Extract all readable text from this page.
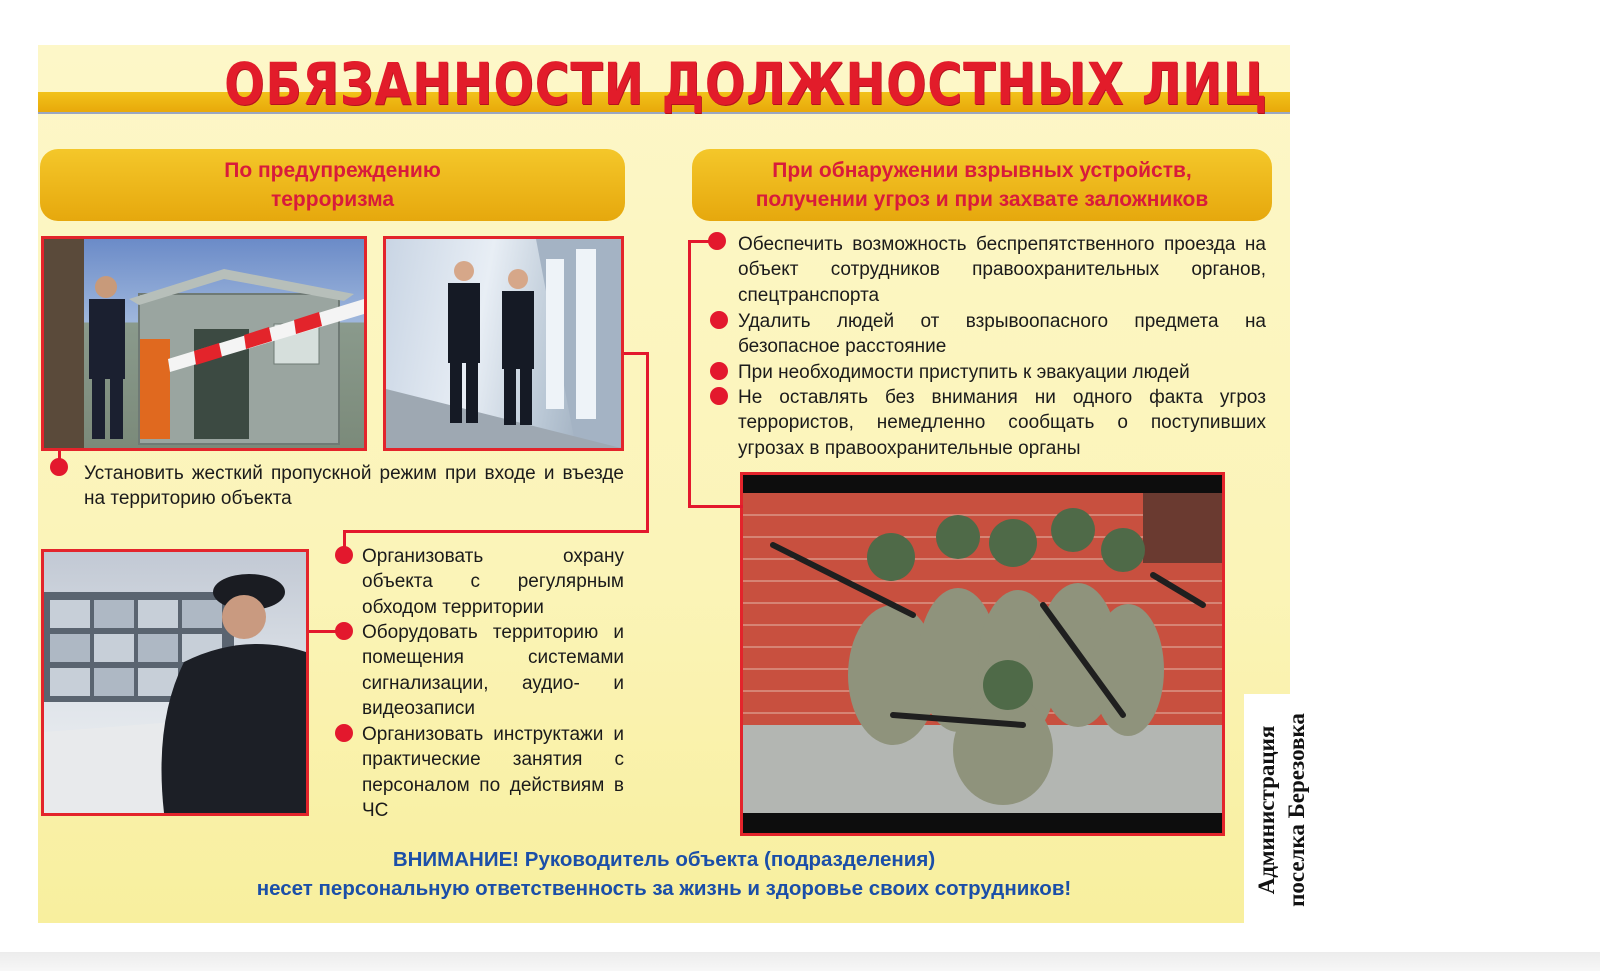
ОБЯЗАННОСТИ ДОЛЖНОСТНЫХ ЛИЦ
По предупреждению
терроризма
При обнаружении взрывных устройств,
получении угроз и при захвате заложников
Установить жесткий пропускной режим при входе и въезде на территорию объекта
Организовать охрану объекта с регулярным обходом территории
Оборудовать территорию и помещения системами сигнализации, аудио- и видеозаписи
Организовать инструктажи и практические занятия с персоналом по действиям в ЧС
Обеспечить возможность беспрепятственного проезда на объект сотрудников правоохранительных органов, спецтранспорта
Удалить людей от взрывоопасного предмета на безопасное расстояние
При необходимости приступить к эвакуации людей
Не оставлять без внимания ни одного факта угроз террористов, немедленно сообщать о поступивших угрозах в правоохранительные органы
ВНИМАНИЕ! Руководитель объекта (подразделения)
несет персональную ответственность за жизнь и здоровье своих сотрудников!	Администрация поселка Березовка
